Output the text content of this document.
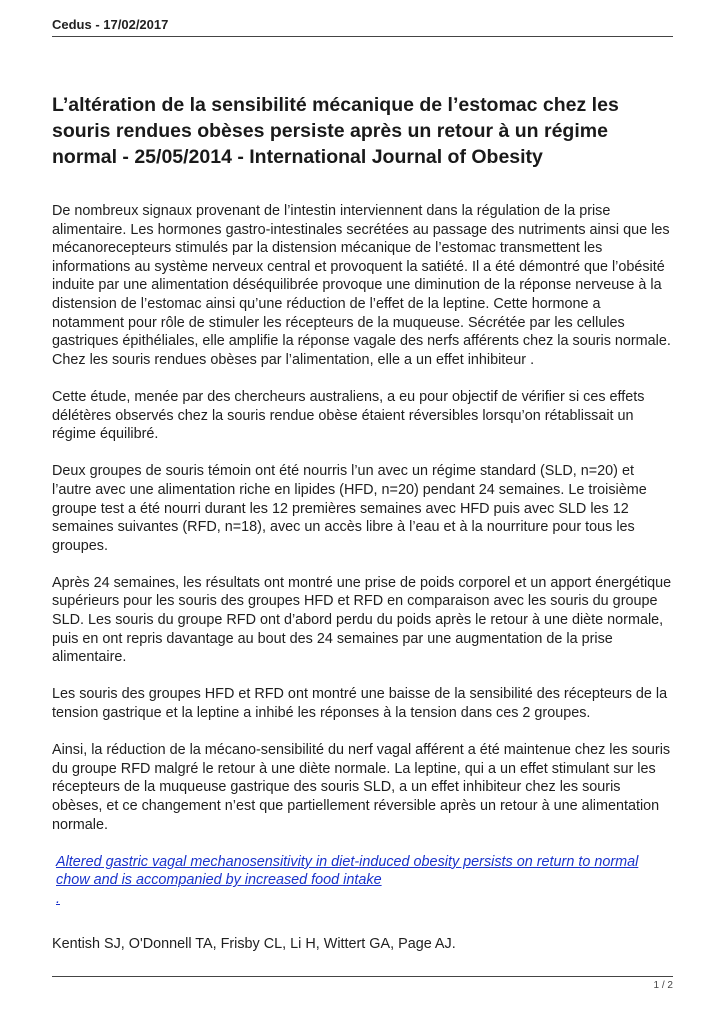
Cedus - 17/02/2017
L’altération de la sensibilité mécanique de l’estomac chez les souris rendues obèses persiste après un retour à un régime normal - 25/05/2014 - International Journal of Obesity

De nombreux signaux provenant de l’intestin interviennent dans la régulation de la prise alimentaire. Les hormones gastro-intestinales secrétées au passage des nutriments ainsi que les mécanorecepteurs stimulés par la distension mécanique de l’estomac transmettent les informations au système nerveux central et provoquent la satiété. Il a été démontré que l’obésité induite par une alimentation déséquilibrée provoque une diminution de la réponse nerveuse à la distension de l’estomac ainsi qu’une réduction de l’effet de la leptine. Cette hormone a notamment pour rôle de stimuler les récepteurs de la muqueuse. Sécrétée par les cellules gastriques épithéliales, elle amplifie la réponse vagale des nerfs afférents chez la souris normale. Chez les souris rendues obèses par l’alimentation, elle a un effet inhibiteur .

Cette étude, menée par des chercheurs australiens, a eu pour objectif de vérifier si ces effets délétères observés chez la souris rendue obèse étaient réversibles lorsqu’on rétablissait un régime équilibré.

Deux groupes de souris témoin ont été nourris l’un avec un régime standard (SLD, n=20) et l’autre avec une alimentation riche en lipides (HFD, n=20) pendant 24 semaines. Le troisième groupe test a été nourri durant les 12 premières semaines avec HFD puis avec SLD les 12 semaines suivantes (RFD, n=18), avec un accès libre à l’eau et à la nourriture pour tous les groupes.

Après 24 semaines, les résultats ont montré une prise de poids corporel et un apport énergétique supérieurs pour les souris des groupes HFD et RFD en comparaison avec les souris du groupe SLD. Les souris du groupe RFD ont d’abord perdu du poids après le retour à une diète normale, puis en ont repris davantage au bout des 24 semaines par une augmentation de la prise alimentaire.

Les souris des groupes HFD et RFD ont montré une baisse de la sensibilité des récepteurs de la tension gastrique et la leptine a inhibé les réponses à la tension dans ces 2 groupes.

Ainsi, la réduction de la mécano-sensibilité du nerf vagal afférent a été maintenue chez les souris du groupe RFD malgré le retour à une diète normale. La leptine, qui a un effet stimulant sur les récepteurs de la muqueuse gastrique des souris SLD, a un effet inhibiteur chez les souris obèses, et ce changement n’est que partiellement réversible après un retour à une alimentation normale.

Altered gastric vagal mechanosensitivity in diet-induced obesity persists on return to normal chow and is accompanied by increased food intake
.
Kentish SJ, O'Donnell TA, Frisby CL, Li H, Wittert GA, Page AJ.
1 / 2
